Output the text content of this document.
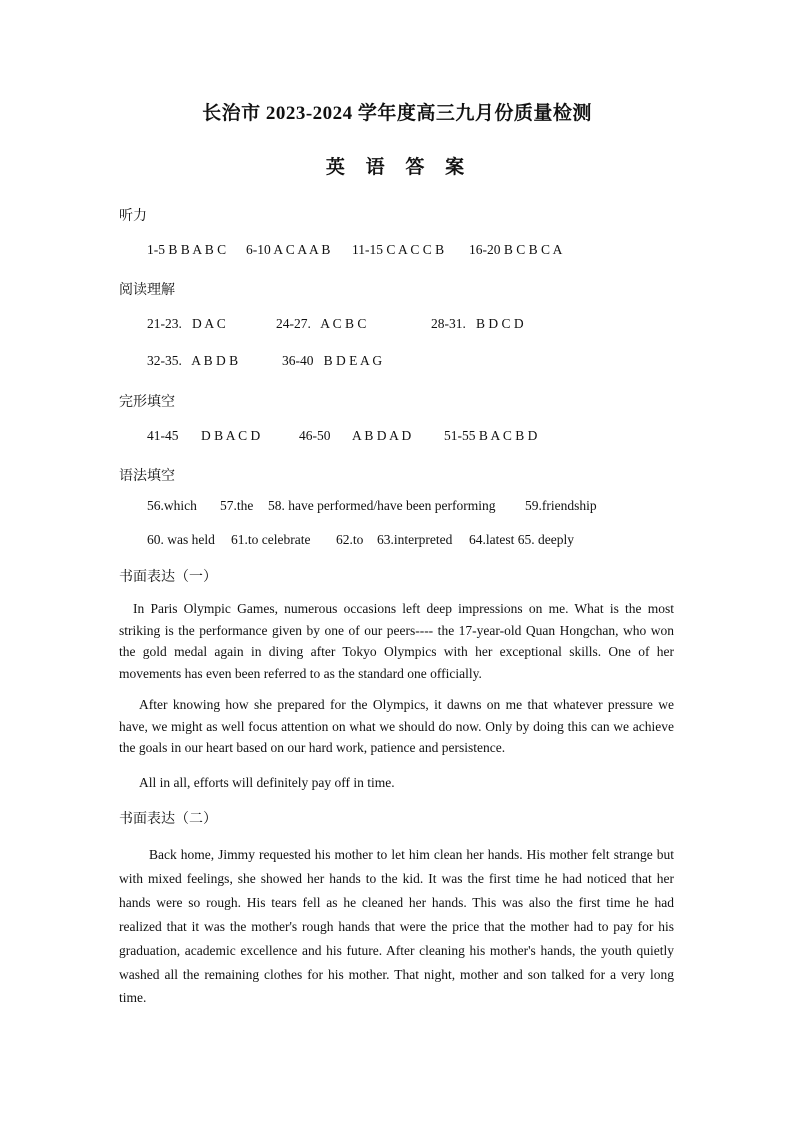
长治市 2023-2024 学年度高三九月份质量检测
英 语 答 案
听力
1-5 B B A B C 6-10 A C A A B 11-15 C A C C B 16-20 B C B C A
阅读理解
21-23.   D A C	24-27.   A C B C	28-31.   B D C D
32-35.   A B D B	36-40   B D E A G
完形填空
41-45 D B A C D	46-50 A B D A D 51-55 B A C B D
语法填空
56.which 57.the 58. have performed/have been performing 59.friendship
60. was held 61.to celebrate 62.to 63.interpreted 64.latest 65. deeply
书面表达（一）
In Paris Olympic Games, numerous occasions left deep impressions on me. What is the most striking is the performance given by one of our peers---- the 17-year-old Quan Hongchan, who won the gold medal again in diving after Tokyo Olympics with her exceptional skills. One of her movements has even been referred to as the standard one officially.
After knowing how she prepared for the Olympics, it dawns on me that whatever pressure we have, we might as well focus attention on what we should do now. Only by doing this can we achieve the goals in our heart based on our hard work, patience and persistence.
All in all, efforts will definitely pay off in time.
书面表达（二）
Back home, Jimmy requested his mother to let him clean her hands. His mother felt strange but with mixed feelings, she showed her hands to the kid. It was the first time he had noticed that her hands were so rough. His tears fell as he cleaned her hands. This was also the first time he had realized that it was the mother's rough hands that were the price that the mother had to pay for his graduation, academic excellence and his future. After cleaning his mother's hands, the youth quietly washed all the remaining clothes for his mother. That night, mother and son talked for a very long time.
